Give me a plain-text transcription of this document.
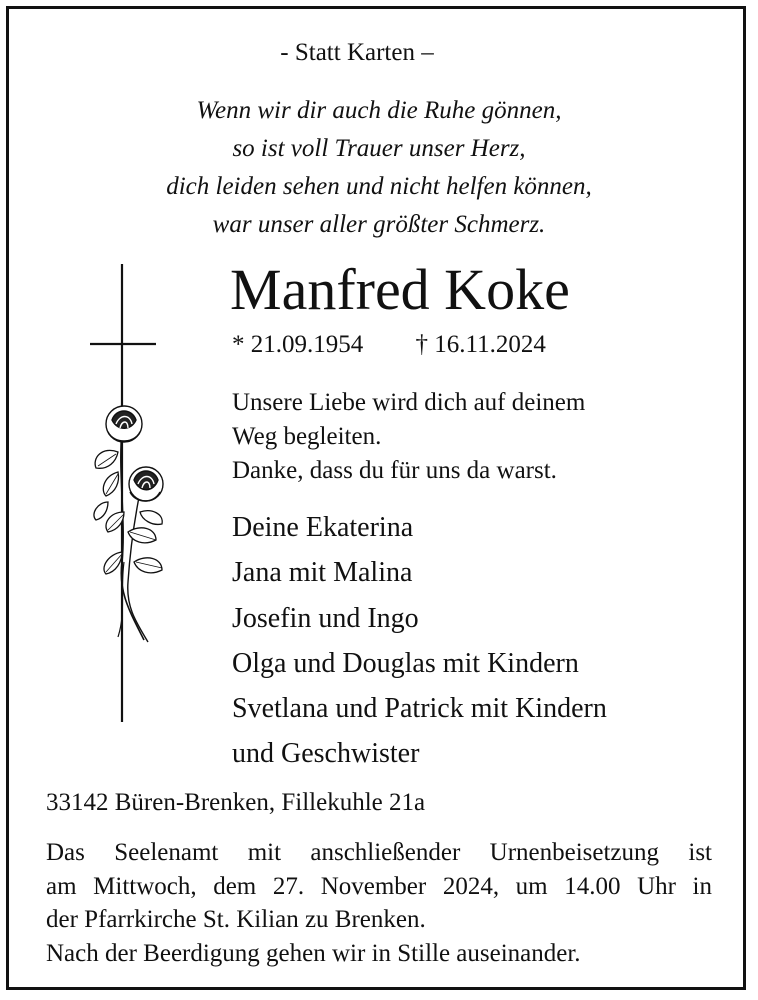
- Statt Karten –
Wenn wir dir auch die Ruhe gönnen,
so ist voll Trauer unser Herz,
dich leiden sehen und nicht helfen können,
war unser aller größter Schmerz.
Manfred Koke
* 21.09.1954 † 16.11.2024
Unsere Liebe wird dich auf deinem
Weg begleiten.
Danke, dass du für uns da warst.
Deine Ekaterina
Jana mit Malina
Josefin und Ingo
Olga und Douglas mit Kindern
Svetlana und Patrick mit Kindern
und Geschwister
33142 Büren-Brenken, Fillekuhle 21a
Das Seelenamt mit anschließender Urnenbeisetzung ist
am Mittwoch, dem 27. November 2024, um 14.00 Uhr in
der Pfarrkirche St. Kilian zu Brenken.
Nach der Beerdigung gehen wir in Stille auseinander.
